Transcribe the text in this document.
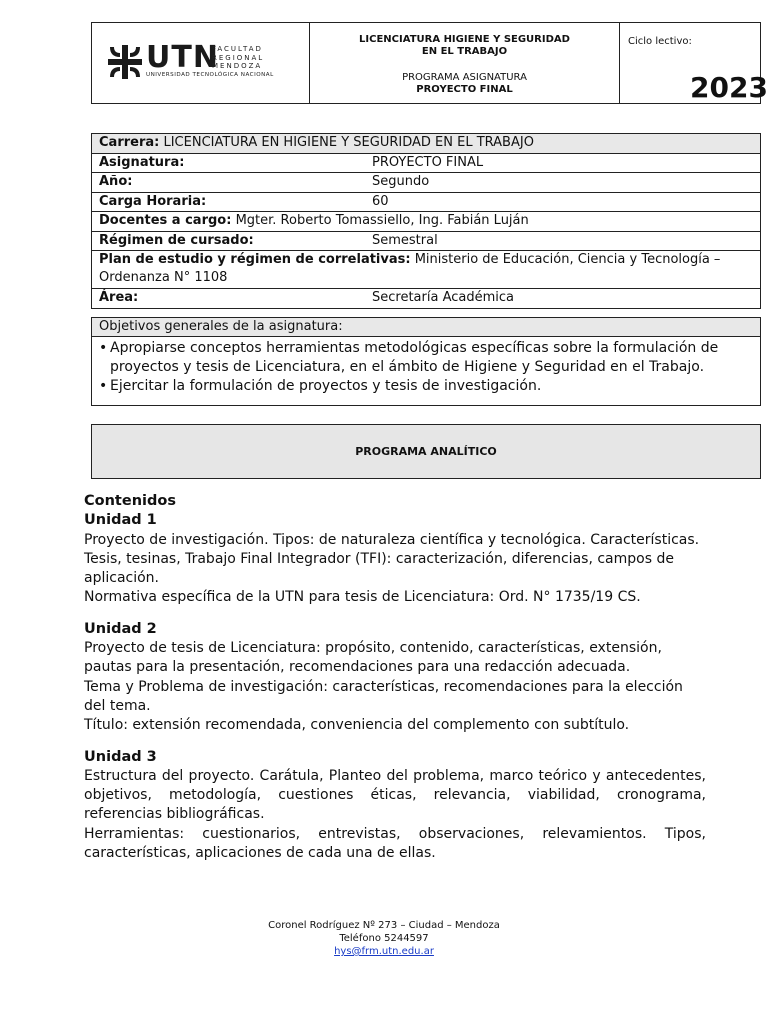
UTN
FACULTAD
REGIONAL
MENDOZA
UNIVERSIDAD TECNOLÓGICA NACIONAL
LICENCIATURA HIGIENE Y SEGURIDAD
EN EL TRABAJO
PROGRAMA ASIGNATURA
PROYECTO FINAL
Ciclo lectivo:
2023
Carrera: LICENCIATURA EN HIGIENE Y SEGURIDAD EN EL TRABAJO
Asignatura:	PROYECTO FINAL
Año:	Segundo
Carga Horaria:	60
Docentes a cargo: Mgter. Roberto Tomassiello, Ing. Fabián Luján
Régimen de cursado:	Semestral
Plan de estudio y régimen de correlativas: Ministerio de Educación, Ciencia y Tecnología – Ordenanza N° 1108
Área:	Secretaría Académica
Objetivos generales de la asignatura:
• Apropiarse conceptos herramientas metodológicas específicas sobre la formulación de proyectos y tesis de Licenciatura, en el ámbito de Higiene y Seguridad en el Trabajo.
• Ejercitar la formulación de proyectos y tesis de investigación.
PROGRAMA ANALÍTICO

Contenidos

Unidad 1

Proyecto de investigación. Tipos: de naturaleza científica y tecnológica. Características.

Tesis, tesinas, Trabajo Final Integrador (TFI): caracterización, diferencias, campos de aplicación.

Normativa específica de la UTN para tesis de Licenciatura: Ord. N° 1735/19 CS.

Unidad 2

Proyecto de tesis de Licenciatura: propósito, contenido, características, extensión, pautas para la presentación, recomendaciones para una redacción adecuada.

Tema y Problema de investigación: características, recomendaciones para la elección del tema.

Título: extensión recomendada, conveniencia del complemento con subtítulo.

Unidad 3

Estructura del proyecto. Carátula, Planteo del problema, marco teórico y antecedentes, objetivos, metodología, cuestiones éticas, relevancia, viabilidad, cronograma, referencias bibliográficas.

Herramientas: cuestionarios, entrevistas, observaciones, relevamientos. Tipos, características, aplicaciones de cada una de ellas.

Coronel Rodríguez Nº 273 – Ciudad – Mendoza
Teléfono 5244597
hys@frm.utn.edu.ar
